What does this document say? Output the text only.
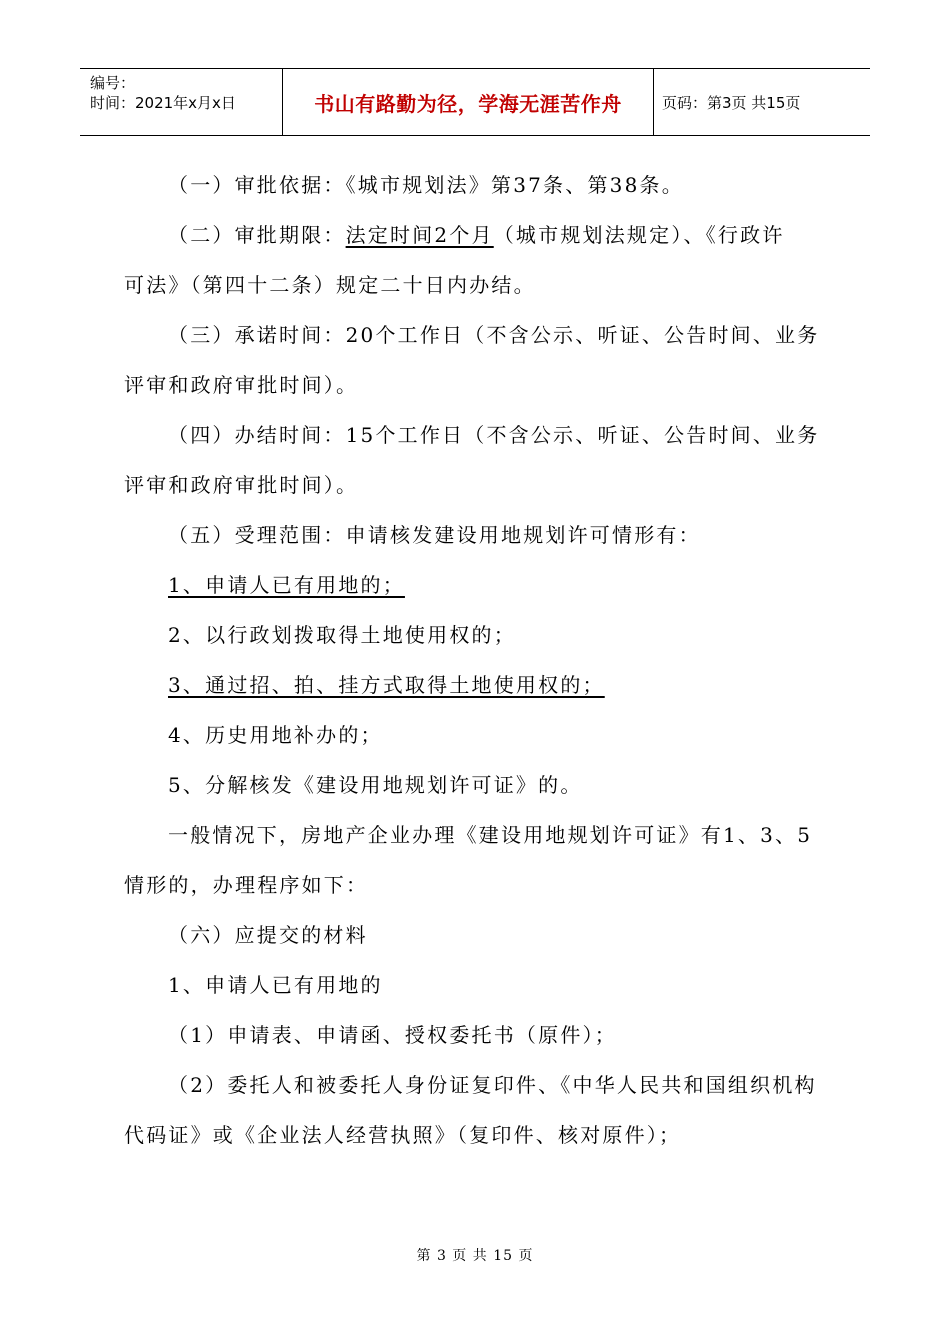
编号：
时间：2021年x月x日	书山有路勤为径，学海无涯苦作舟	页码：第3页 共15页

（一）审批依据：《城市规划法》第37条、第38条。

（二）审批期限：法定时间2个月（城市规划法规定）、《行政许

可法》（第四十二条）规定二十日内办结。

（三）承诺时间：20个工作日（不含公示、听证、公告时间、业务

评审和政府审批时间）。

（四）办结时间：15个工作日（不含公示、听证、公告时间、业务

评审和政府审批时间）。

（五）受理范围：申请核发建设用地规划许可情形有：

1、申请人已有用地的；

2、以行政划拨取得土地使用权的；

3、通过招、拍、挂方式取得土地使用权的；

4、历史用地补办的；

5、分解核发《建设用地规划许可证》的。

一般情况下，房地产企业办理《建设用地规划许可证》有1、3、5

情形的，办理程序如下：

（六）应提交的材料

1、申请人已有用地的

（1）申请表、申请函、授权委托书（原件）；

（2）委托人和被委托人身份证复印件、《中华人民共和国组织机构

代码证》或《企业法人经营执照》（复印件、核对原件）；

第 3 页 共 15 页
